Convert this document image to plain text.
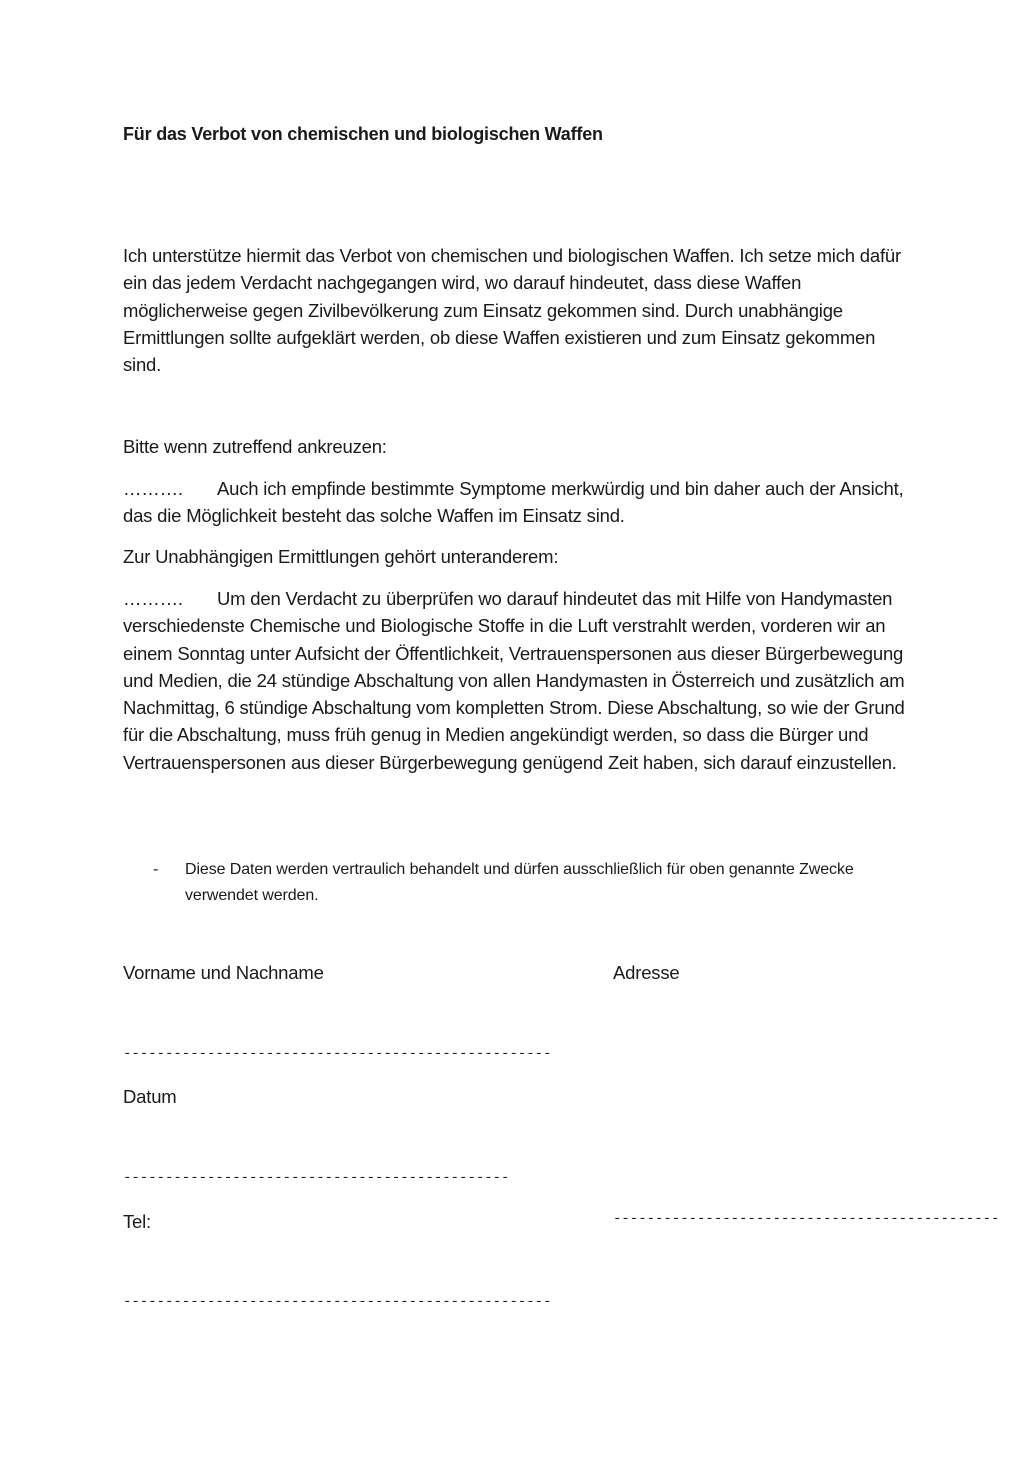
Für das Verbot von chemischen und biologischen Waffen

Ich unterstütze hiermit das Verbot von chemischen und biologischen Waffen. Ich setze mich dafür ein das jedem Verdacht nachgegangen wird, wo darauf hindeutet, dass diese Waffen möglicherweise gegen Zivilbevölkerung zum Einsatz gekommen sind. Durch unabhängige Ermittlungen sollte aufgeklärt werden, ob diese Waffen existieren und zum Einsatz gekommen sind.

Bitte wenn zutreffend ankreuzen:

………. Auch ich empfinde bestimmte Symptome merkwürdig und bin daher auch der Ansicht, das die Möglichkeit besteht das solche Waffen im Einsatz sind.

Zur Unabhängigen Ermittlungen gehört unteranderem:

………. Um den Verdacht zu überprüfen wo darauf hindeutet das mit Hilfe von Handymasten verschiedenste Chemische und Biologische Stoffe in die Luft verstrahlt werden, vorderen wir an einem Sonntag unter Aufsicht der Öffentlichkeit, Vertrauenspersonen aus dieser Bürgerbewegung und Medien, die 24 stündige Abschaltung von allen Handymasten in Österreich und zusätzlich am Nachmittag, 6 stündige Abschaltung vom kompletten Strom. Diese Abschaltung, so wie der Grund für die Abschaltung, muss früh genug in Medien angekündigt werden, so dass die Bürger und Vertrauenspersonen aus dieser Bürgerbewegung genügend Zeit haben, sich darauf einzustellen.

- Diese Daten werden vertraulich behandelt und dürfen ausschließlich für oben genannte Zwecke verwendet werden.

Vorname und Nachname	Adresse
---------------------------------------------------
Datum
----------------------------------------------
Tel:	----------------------------------------------
---------------------------------------------------
